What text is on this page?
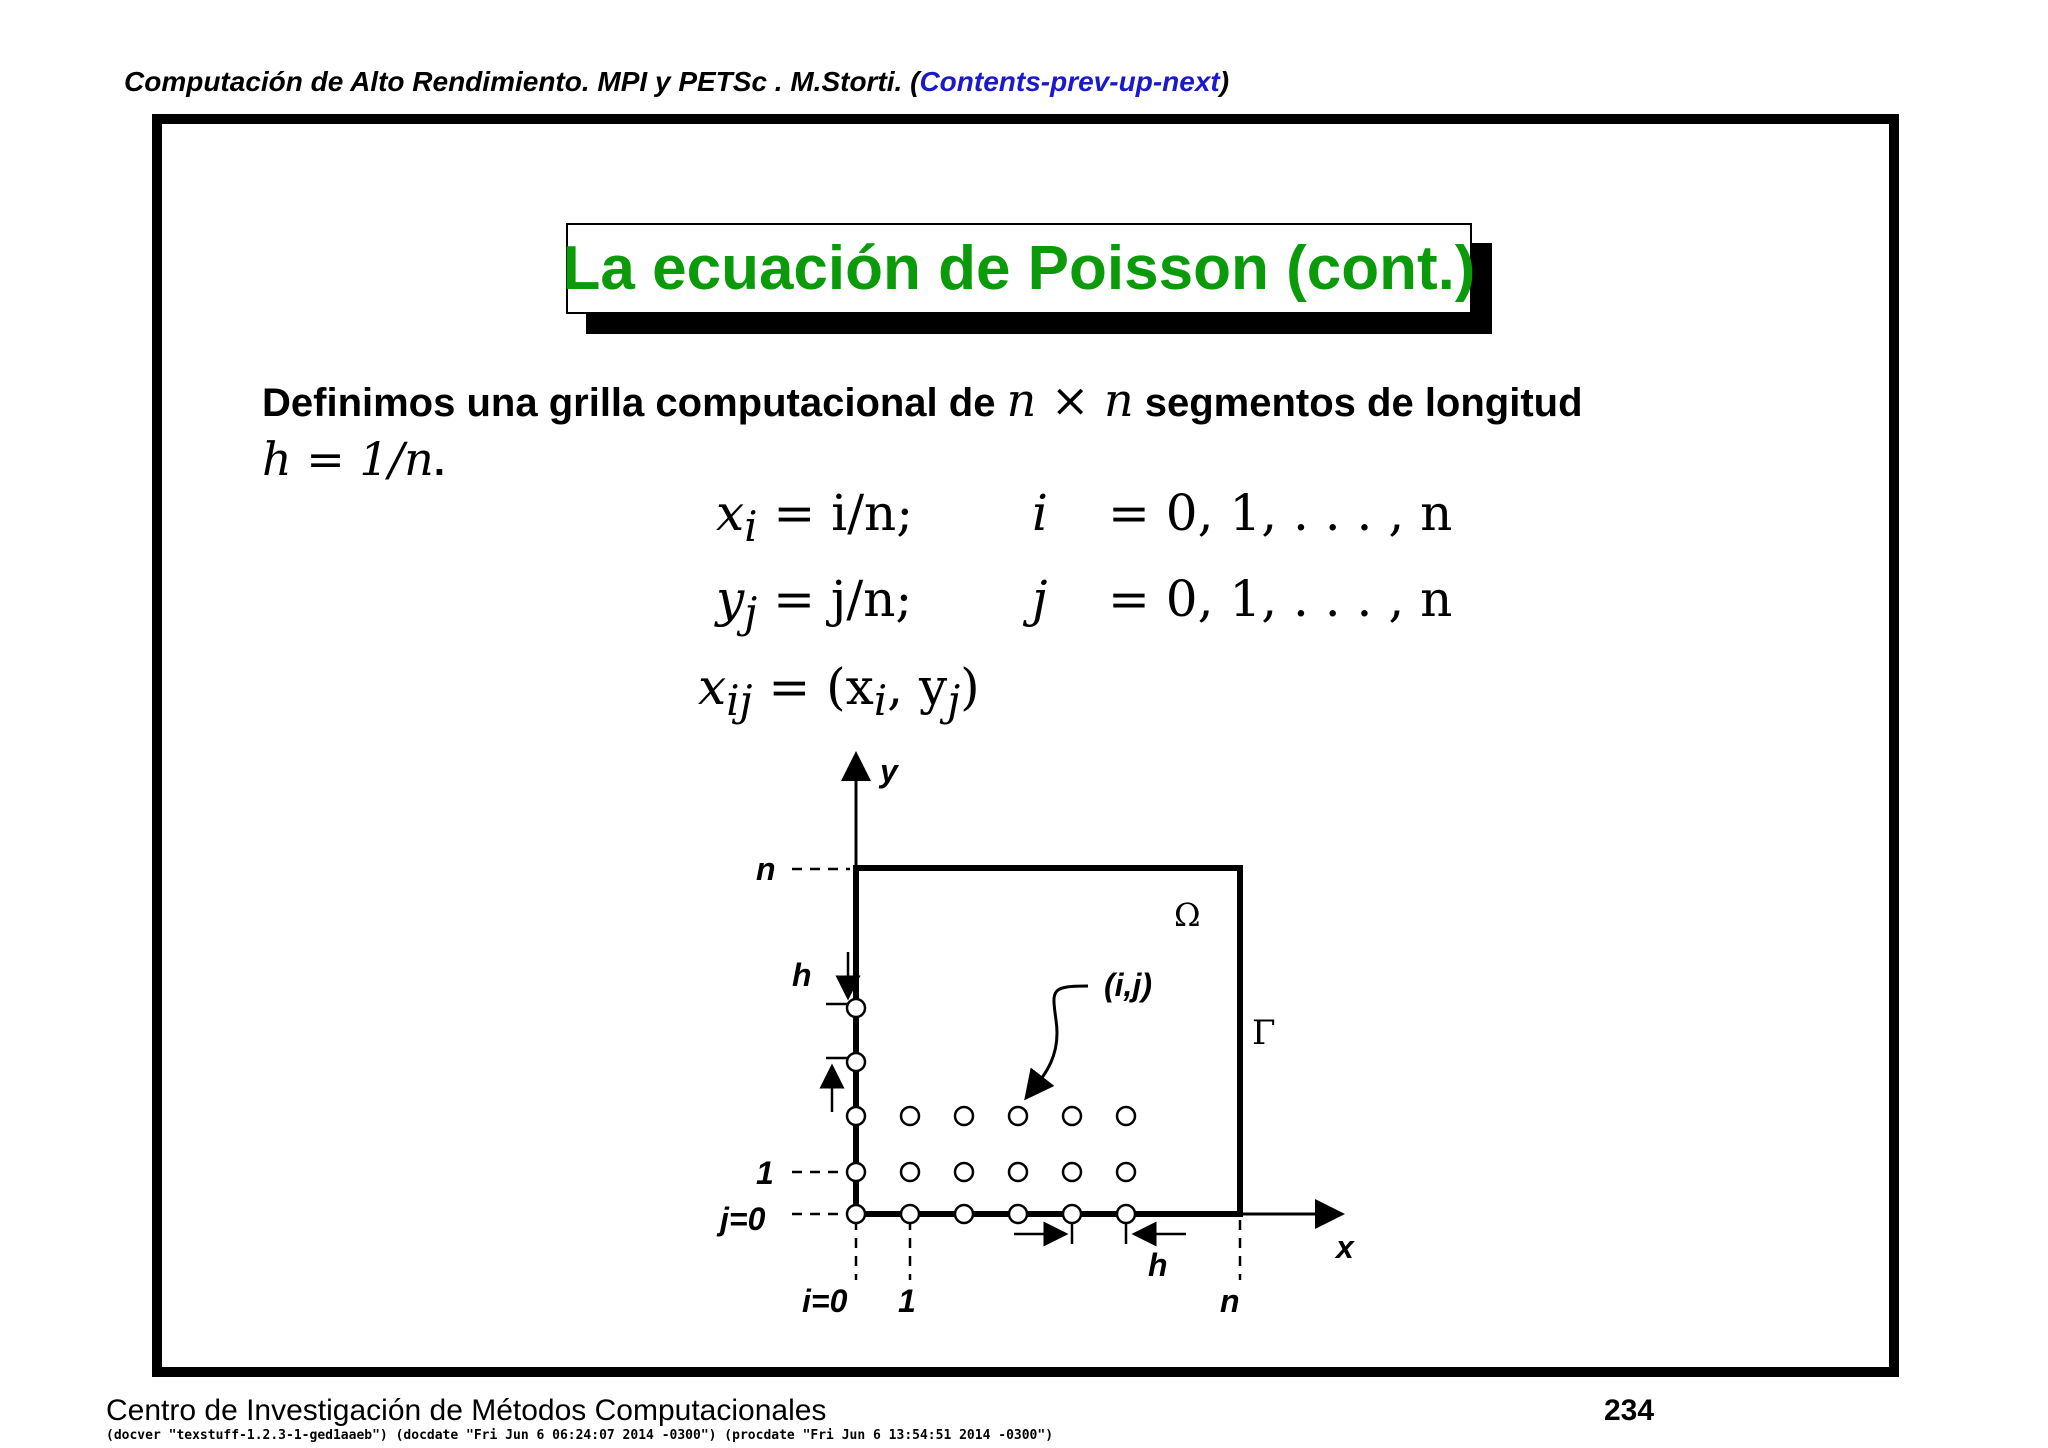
Computación de Alto Rendimiento. MPI y PETSc . M.Storti. (Contents-prev-up-next)
La ecuación de Poisson (cont.)
Definimos una grilla computacional de n × n segmentos de longitud
h = 1/n.
$x_i = i/n$; i = 0, 1, . . . , n
$y_j = j/n$; j = 0, 1, . . . , n
$x_{ij} = (x_i$, $y_j$)
y
x
n
1
j=0
i=0 1	n
h
h
(i,j)
Ω
Γ
Centro de Investigación de Métodos Computacionales	234
(docver "texstuff-1.2.3-1-ged1aaeb") (docdate "Fri Jun 6 06:24:07 2014 -0300") (procdate "Fri Jun 6 13:54:51 2014 -0300")
